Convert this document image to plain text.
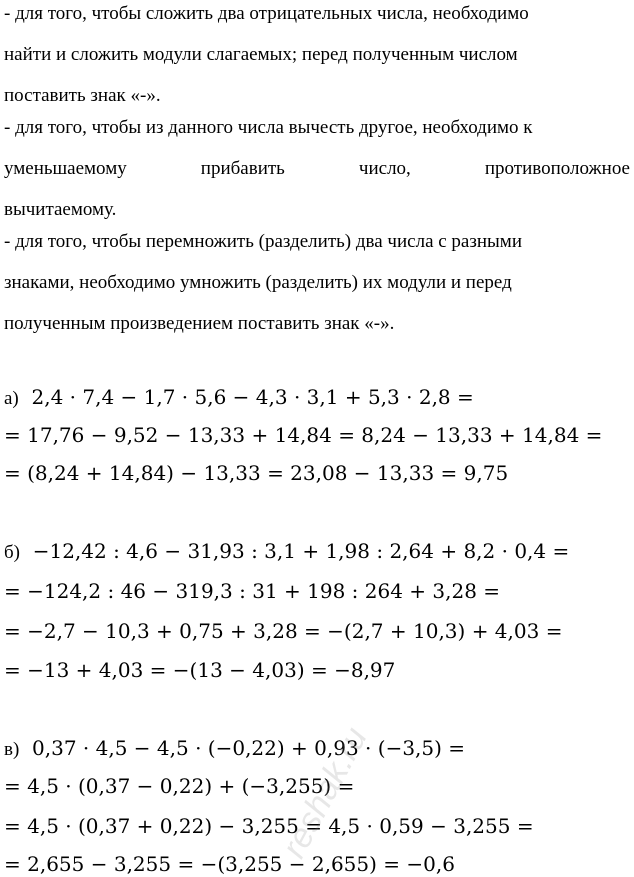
- для того, чтобы сложить два отрицательных числа, необходимо
найти и сложить модули слагаемых; перед полученным числом
поставить знак «-».
- для того, чтобы из данного числа вычесть другое, необходимо к
уменьшаемому прибавить число, противоположное
вычитаемому.
- для того, чтобы перемножить (разделить) два числа с разными
знаками, необходимо умножить (разделить) их модули и перед
полученным произведением поставить знак «-».
а) 2,4 · 7,4 − 1,7 · 5,6 − 4,3 · 3,1 + 5,3 · 2,8 =
= 17,76 − 9,52 − 13,33 + 14,84 = 8,24 − 13,33 + 14,84 =
= (8,24 + 14,84) − 13,33 = 23,08 − 13,33 = 9,75
б) −12,42 : 4,6 − 31,93 : 3,1 + 1,98 : 2,64 + 8,2 · 0,4 =
= −124,2 : 46 − 319,3 : 31 + 198 : 264 + 3,28 =
= −2,7 − 10,3 + 0,75 + 3,28 = −(2,7 + 10,3) + 4,03 =
= −13 + 4,03 = −(13 − 4,03) = −8,97
в) 0,37 · 4,5 − 4,5 · (−0,22) + 0,93 · (−3,5) =
= 4,5 · (0,37 − 0,22) + (−3,255) =
= 4,5 · (0,37 + 0,22) − 3,255 = 4,5 · 0,59 − 3,255 =
= 2,655 − 3,255 = −(3,255 − 2,655) = −0,6
reshak.ru
